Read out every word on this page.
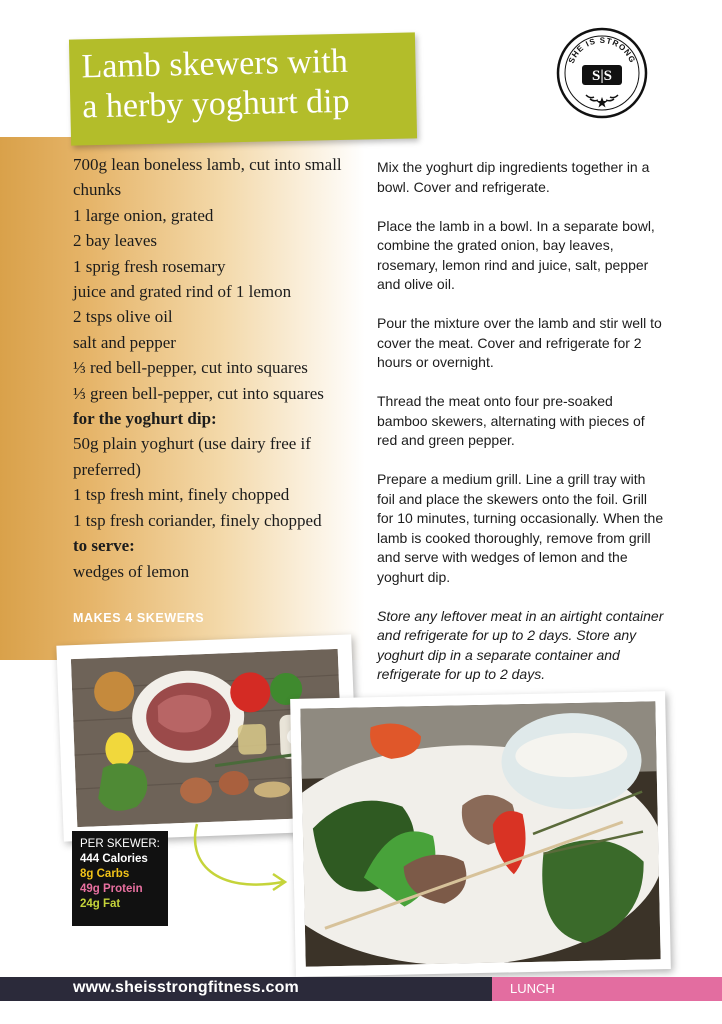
Lamb skewers with
a herby yoghurt dip
SHE IS STRONG
S|S
700g lean boneless lamb, cut into small chunks
1 large onion, grated
2 bay leaves
1 sprig fresh rosemary
juice and grated rind of 1 lemon
2 tsps olive oil
salt and pepper
⅓ red bell-pepper, cut into squares
⅓ green bell-pepper, cut into squares
for the yoghurt dip:
50g plain yoghurt (use dairy free if preferred)
1 tsp fresh mint, finely chopped
1 tsp fresh coriander, finely chopped
to serve:
wedges of lemon
MAKES 4 SKEWERS

Mix the yoghurt dip ingredients together in a bowl. Cover and refrigerate.

Place the lamb in a bowl. In a separate bowl, combine the grated onion, bay leaves, rosemary, lemon rind and juice, salt, pepper and olive oil.

Pour the mixture over the lamb and stir well to cover the meat. Cover and refrigerate for 2 hours or overnight.

Thread the meat onto four pre-soaked bamboo skewers, alternating with pieces of red and green pepper.

Prepare a medium grill. Line a grill tray with foil and place the skewers onto the foil. Grill for 10 minutes, turning occasionally. When the lamb is cooked thoroughly, remove from grill and serve with wedges of lemon and the yoghurt dip.

Store any leftover meat in an airtight container and refrigerate for up to 2 days. Store any yoghurt dip in a separate container and refrigerate for up to 2 days.

PER SKEWER:
444 Calories
8g Carbs
49g Protein
24g Fat
www.sheisstrongfitness.com	LUNCH
